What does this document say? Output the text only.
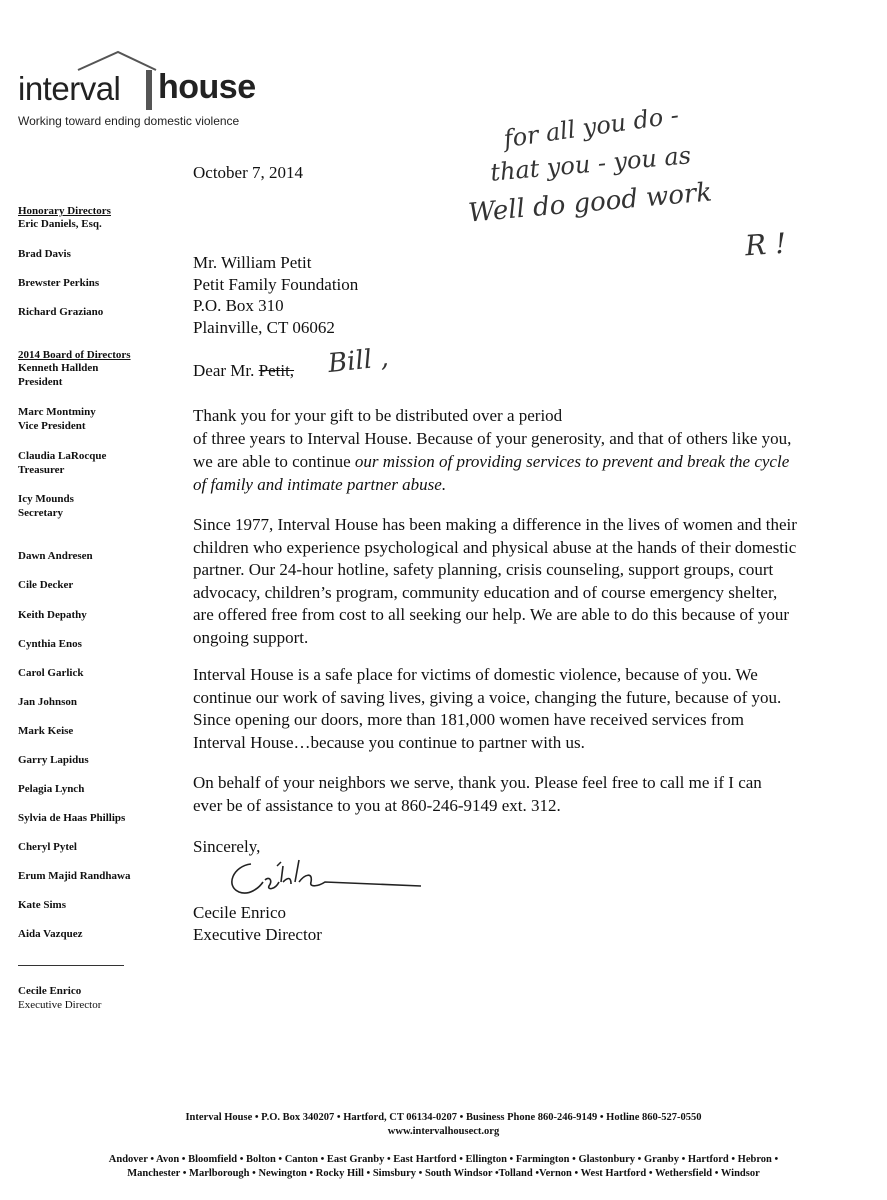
interval house
Working toward ending domestic violence
Honorary Directors
Eric Daniels, Esq.
Brad Davis
Brewster Perkins
Richard Graziano
2014 Board of Directors
Kenneth Hallden
President
Marc Montminy
Vice President
Claudia LaRocque
Treasurer
Icy Mounds
Secretary
Dawn Andresen
Cile Decker
Keith Depathy
Cynthia Enos
Carol Garlick
Jan Johnson
Mark Keise
Garry Lapidus
Pelagia Lynch
Sylvia de Haas Phillips
Cheryl Pytel
Erum Majid Randhawa
Kate Sims
Aida Vazquez
Cecile Enrico
Executive Director
October 7, 2014
Mr. William Petit
Petit Family Foundation
P.O. Box 310
Plainville, CT 06062
Dear Mr. Petit,
Thank you for your gift to be distributed over a period
of three years to Interval House. Because of your generosity, and that of others like you,
we are able to continue our mission of providing services to prevent and break the cycle
of family and intimate partner abuse.
Since 1977, Interval House has been making a difference in the lives of women and their
children who experience psychological and physical abuse at the hands of their domestic
partner. Our 24-hour hotline, safety planning, crisis counseling, support groups, court
advocacy, children’s program, community education and of course emergency shelter,
are offered free from cost to all seeking our help. We are able to do this because of your
ongoing support.
Interval House is a safe place for victims of domestic violence, because of you. We
continue our work of saving lives, giving a voice, changing the future, because of you.
Since opening our doors, more than 181,000 women have received services from
Interval House…because you continue to partner with us.
On behalf of your neighbors we serve, thank you. Please feel free to call me if I can
ever be of assistance to you at 860-246-9149 ext. 312.
Sincerely,
Cecile Enrico
Executive Director
for all you do -
that you - you as
Well do good work
R !
Bill ,
Interval House • P.O. Box 340207 • Hartford, CT 06134-0207 • Business Phone 860-246-9149 • Hotline 860-527-0550
www.intervalhousect.org
Andover • Avon • Bloomfield • Bolton • Canton • East Granby • East Hartford • Ellington • Farmington • Glastonbury • Granby • Hartford • Hebron •
Manchester • Marlborough • Newington • Rocky Hill • Simsbury • South Windsor •Tolland •Vernon • West Hartford • Wethersfield • Windsor
